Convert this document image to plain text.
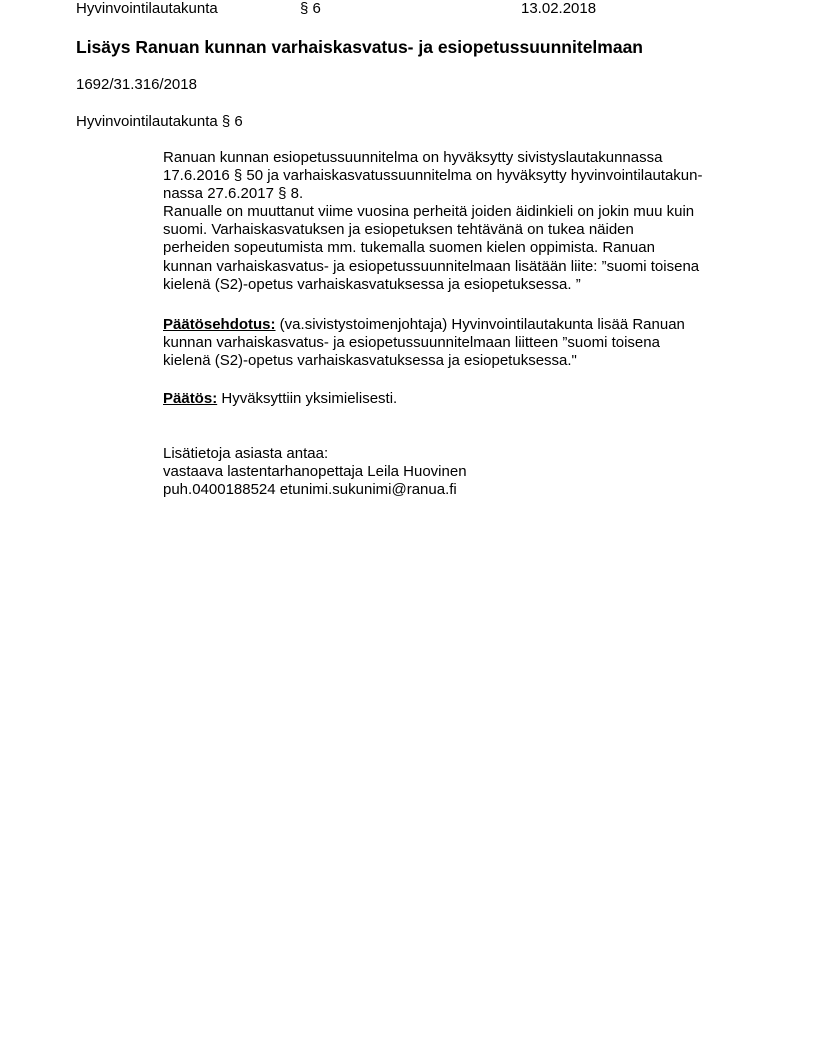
Hyvinvointilautakunta	§ 6	13.02.2018
Lisäys Ranuan kunnan varhaiskasvatus- ja esiopetussuunnitelmaan
1692/31.316/2018
Hyvinvointilautakunta § 6
Ranuan kunnan esiopetussuunnitelma on hyväksytty sivistyslautakunnassa
17.6.2016 § 50 ja varhaiskasvatussuunnitelma on hyväksytty hyvinvointilautakun-
nassa 27.6.2017 § 8.
Ranualle on muuttanut viime vuosina perheitä joiden äidinkieli on jokin muu kuin
suomi. Varhaiskasvatuksen ja esiopetuksen tehtävänä on tukea näiden
perheiden sopeutumista mm. tukemalla suomen kielen oppimista. Ranuan
kunnan varhaiskasvatus- ja esiopetussuunnitelmaan lisätään liite: ”suomi toisena
kielenä (S2)-opetus varhaiskasvatuksessa ja esiopetuksessa. ”
Päätösehdotus: (va.sivistystoimenjohtaja) Hyvinvointilautakunta lisää Ranuan
kunnan varhaiskasvatus- ja esiopetussuunnitelmaan liitteen ”suomi toisena
kielenä (S2)-opetus varhaiskasvatuksessa ja esiopetuksessa."
Päätös: Hyväksyttiin yksimielisesti.
Lisätietoja asiasta antaa:
vastaava lastentarhanopettaja Leila Huovinen
puh.0400188524 etunimi.sukunimi@ranua.fi
